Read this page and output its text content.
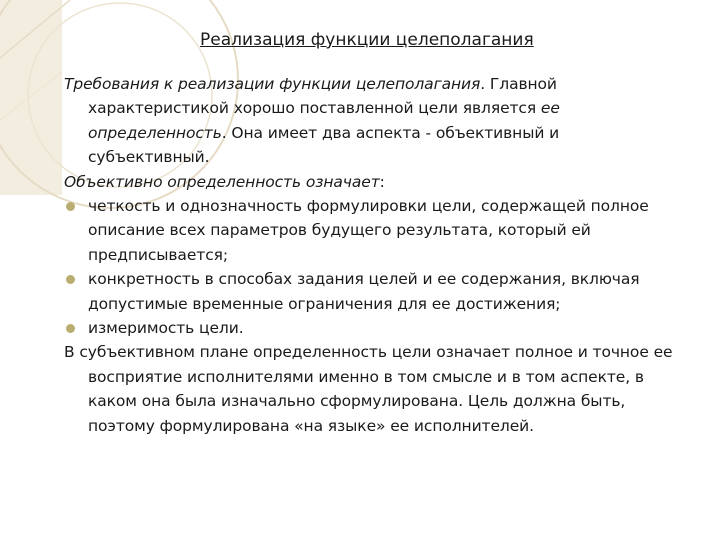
Реализация функции целеполагания

Требования к реализации функции целеполагания. Главной характеристикой хорошо поставленной цели является ее определенность. Она имеет два аспекта - объективный и субъективный.

Объективно определенность означает:

четкость и однозначность формулировки цели, содержащей полное описание всех параметров будущего результата, который ей предписывается;
конкретность в способах задания целей и ее содержания, включая допустимые временные ограничения для ее достижения;
измеримость цели.

В субъективном плане определенность цели означает полное и точное ее восприятие исполнителями именно в том смысле и в том аспекте, в каком она была изначально сформулирована. Цель должна быть, поэтому формулирована «на языке» ее исполнителей.
